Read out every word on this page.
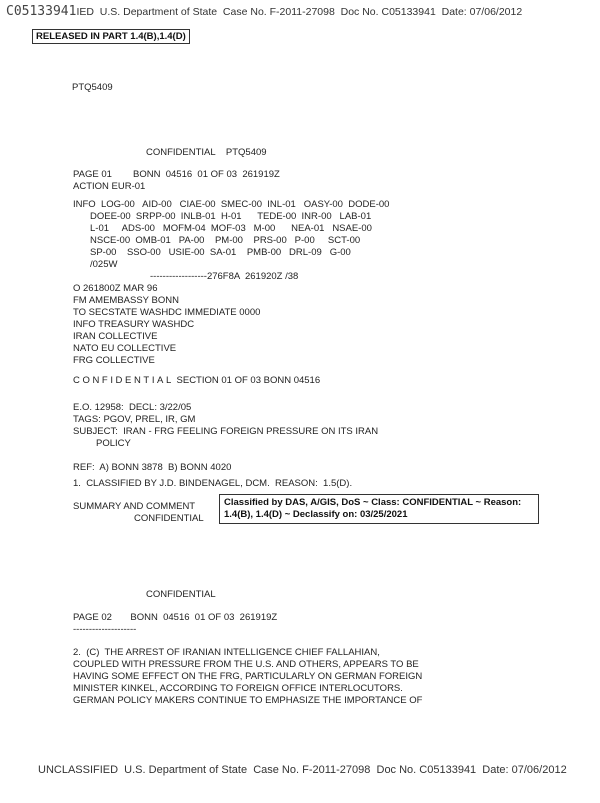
C05133941IED  U.S. Department of State  Case No. F-2011-27098  Doc No. C05133941  Date: 07/06/2012
RELEASED IN PART 1.4(B),1.4(D)
PTQ5409
CONFIDENTIAL    PTQ5409
PAGE 01        BONN  04516  01 OF 03  261919Z
ACTION EUR-01
INFO  LOG-00   AID-00   CIAE-00  SMEC-00  INL-01   OASY-00  DODE-00
DOEE-00  SRPP-00  INLB-01  H-01      TEDE-00  INR-00   LAB-01
L-01     ADS-00   MOFM-04  MOF-03   M-00      NEA-01   NSAE-00
NSCE-00  OMB-01   PA-00    PM-00    PRS-00   P-00     SCT-00
SP-00    SSO-00   USIE-00  SA-01    PMB-00   DRL-09   G-00
/025W
------------------276F8A  261920Z /38
O 261800Z MAR 96
FM AMEMBASSY BONN
TO SECSTATE WASHDC IMMEDIATE 0000
INFO TREASURY WASHDC
IRAN COLLECTIVE
NATO EU COLLECTIVE
FRG COLLECTIVE
CONFIDENTIAL SECTION 01 OF 03 BONN 04516
E.O. 12958:  DECL: 3/22/05
TAGS: PGOV, PREL, IR, GM
SUBJECT:  IRAN - FRG FEELING FOREIGN PRESSURE ON ITS IRAN
POLICY
REF:  A) BONN 3878  B) BONN 4020
1.  CLASSIFIED BY J.D. BINDENAGEL, DCM.  REASON:  1.5(D).
SUMMARY AND COMMENT
CONFIDENTIAL
Classified by DAS, A/GIS, DoS ~ Class: CONFIDENTIAL ~ Reason: 1.4(B), 1.4(D) ~ Declassify on: 03/25/2021
CONFIDENTIAL
PAGE 02       BONN  04516  01 OF 03  261919Z
--------------------
2.  (C)  THE ARREST OF IRANIAN INTELLIGENCE CHIEF FALLAHIAN,
COUPLED WITH PRESSURE FROM THE U.S. AND OTHERS, APPEARS TO BE
HAVING SOME EFFECT ON THE FRG, PARTICULARLY ON GERMAN FOREIGN
MINISTER KINKEL, ACCORDING TO FOREIGN OFFICE INTERLOCUTORS.
GERMAN POLICY MAKERS CONTINUE TO EMPHASIZE THE IMPORTANCE OF
UNCLASSIFIED  U.S. Department of State  Case No. F-2011-27098  Doc No. C05133941  Date: 07/06/2012
